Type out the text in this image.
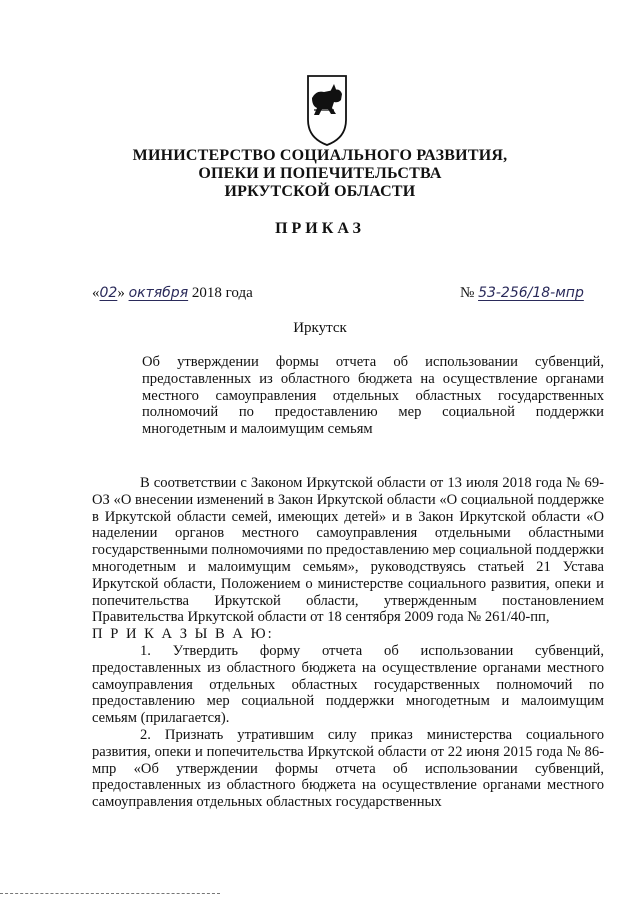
МИНИСТЕРСТВО СОЦИАЛЬНОГО РАЗВИТИЯ,
ОПЕКИ И ПОПЕЧИТЕЛЬСТВА
ИРКУТСКОЙ ОБЛАСТИ
ПРИКАЗ
«02» октября 2018 года	№ 53-256/18-мпр
Иркутск
Об утверждении формы отчета об использовании субвенций, предоставленных из областного бюджета на осуществление органами местного самоуправления отдельных областных государственных полномочий по предоставлению мер социальной поддержки многодетным и малоимущим семьям

В соответствии с Законом Иркутской области от 13 июля 2018 года № 69-ОЗ «О внесении изменений в Закон Иркутской области «О социальной поддержке в Иркутской области семей, имеющих детей» и в Закон Иркутской области «О наделении органов местного самоуправления отдельными областными государственными полномочиями по предоставлению мер социальной поддержки многодетным и малоимущим семьям», руководствуясь статьей 21 Устава Иркутской области, Положением о министерстве социального развития, опеки и попечительства Иркутской области, утвержденным постановлением Правительства Иркутской области от 18 сентября 2009 года № 261/40-пп,

П Р И К А З Ы В А Ю:

1. Утвердить форму отчета об использовании субвенций, предоставленных из областного бюджета на осуществление органами местного самоуправления отдельных областных государственных полномочий по предоставлению мер социальной поддержки многодетным и малоимущим семьям (прилагается).

2. Признать утратившим силу приказ министерства социального развития, опеки и попечительства Иркутской области от 22 июня 2015 года № 86-мпр «Об утверждении формы отчета об использовании субвенций, предоставленных из областного бюджета на осуществление органами местного самоуправления отдельных областных государственных
